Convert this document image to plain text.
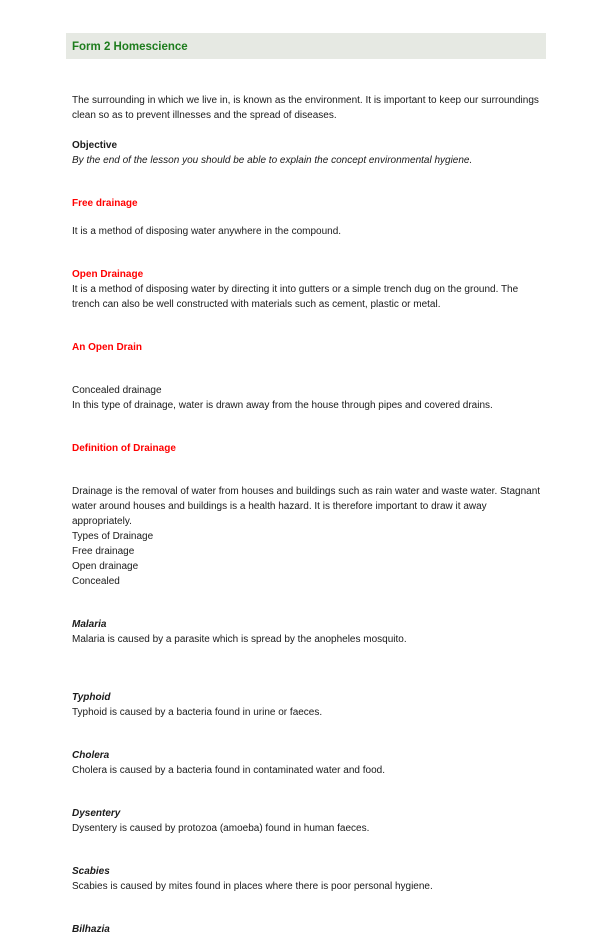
Form 2 Homescience

The surrounding in which we live in, is known as the environment. It is important to keep our surroundings clean so as to prevent illnesses and the spread of diseases.

Objective

By the end of the lesson you should be able to explain the concept environmental hygiene.

Free drainage

It is a method of disposing water anywhere in the compound.

Open Drainage

It is a method of disposing water by directing it into gutters or a simple trench dug on the ground. The trench can also be well constructed with materials such as cement, plastic or metal.

An Open Drain

Concealed drainage

In this type of drainage, water is drawn away from the house through pipes and covered drains.

Definition of Drainage

Drainage is the removal of water from houses and buildings such as rain water and waste water. Stagnant water around houses and buildings is a health hazard. It is therefore important to draw it away appropriately.

Types of Drainage

Free drainage

Open drainage

Concealed

Malaria

Malaria is caused by a parasite which is spread by the anopheles mosquito.

Typhoid

Typhoid is caused by a bacteria found in urine or faeces.

Cholera

Cholera is caused by a bacteria found in contaminated water and food.

Dysentery

Dysentery is caused by protozoa (amoeba) found in human faeces.

Scabies

Scabies is caused by mites found in places where there is poor personal hygiene.

Bilhazia
